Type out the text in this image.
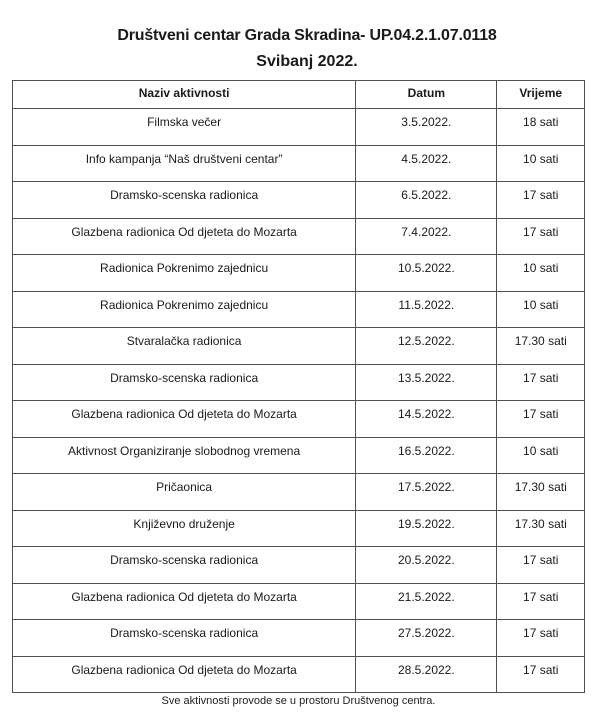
Društveni centar Grada Skradina- UP.04.2.1.07.0118
Svibanj 2022.
Naziv aktivnosti	Datum	Vrijeme
Filmska večer	3.5.2022.	18 sati
Info kampanja “Naš društveni centar”	4.5.2022.	10 sati
Dramsko-scenska radionica	6.5.2022.	17 sati
Glazbena radionica Od djeteta do Mozarta	7.4.2022.	17 sati
Radionica Pokrenimo zajednicu	10.5.2022.	10 sati
Radionica Pokrenimo zajednicu	11.5.2022.	10 sati
Stvaralačka radionica	12.5.2022.	17.30 sati
Dramsko-scenska radionica	13.5.2022.	17 sati
Glazbena radionica Od djeteta do Mozarta	14.5.2022.	17 sati
Aktivnost Organiziranje slobodnog vremena	16.5.2022.	10 sati
Pričaonica	17.5.2022.	17.30 sati
Književno druženje	19.5.2022.	17.30 sati
Dramsko-scenska radionica	20.5.2022.	17 sati
Glazbena radionica Od djeteta do Mozarta	21.5.2022.	17 sati
Dramsko-scenska radionica	27.5.2022.	17 sati
Glazbena radionica Od djeteta do Mozarta	28.5.2022.	17 sati
Sve aktivnosti provode se u prostoru Društvenog centra.
